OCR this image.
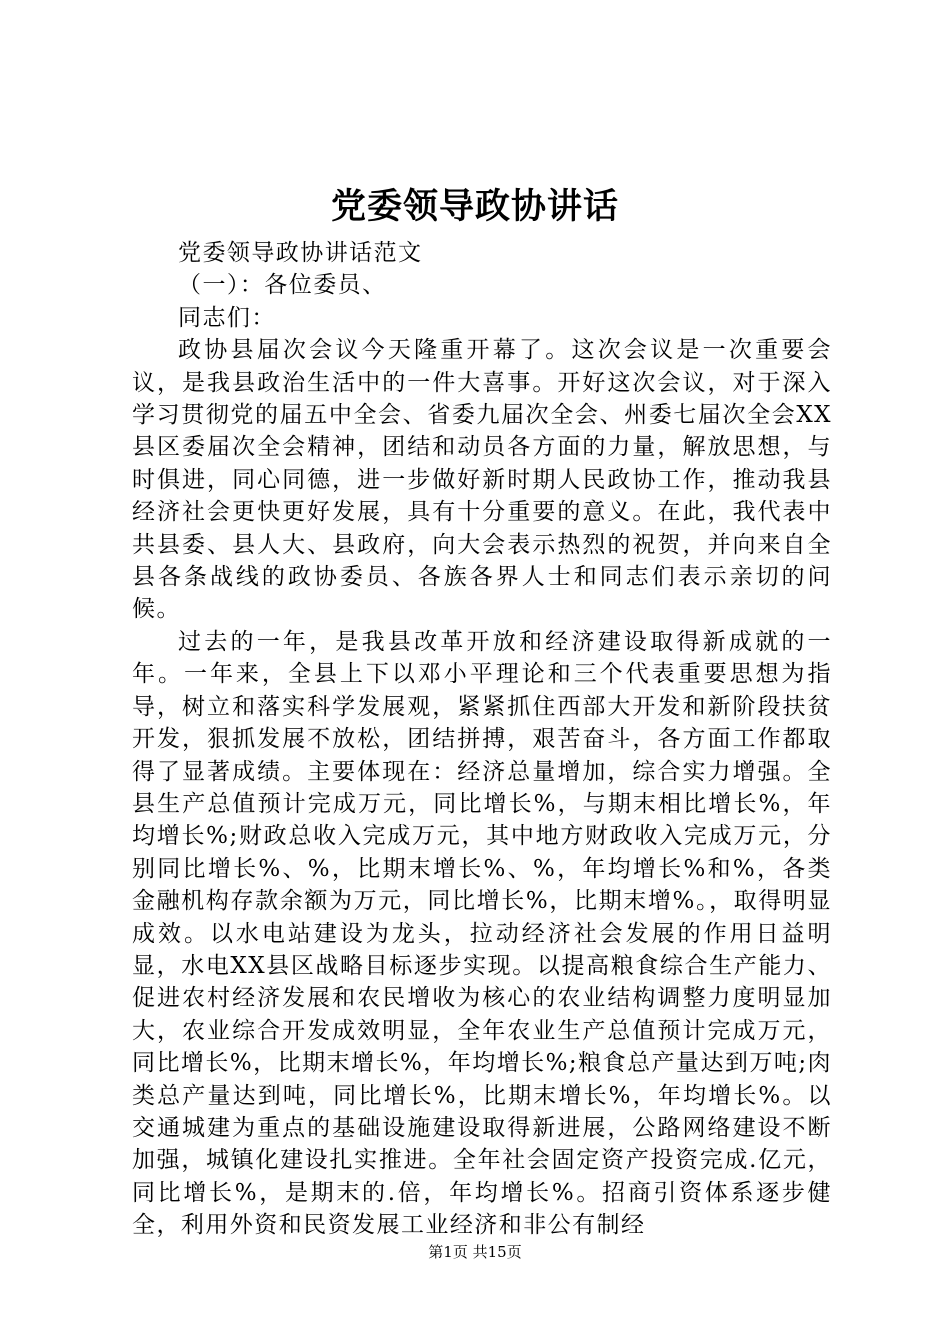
党委领导政协讲话

党委领导政协讲话范文

（一）：各位委员、

同志们：

政协县届次会议今天隆重开幕了。这次会议是一次重要会议，是我县政治生活中的一件大喜事。开好这次会议，对于深入学习贯彻党的届五中全会、省委九届次全会、州委七届次全会XX县区委届次全会精神，团结和动员各方面的力量，解放思想，与时俱进，同心同德，进一步做好新时期人民政协工作，推动我县经济社会更快更好发展，具有十分重要的意义。在此，我代表中共县委、县人大、县政府，向大会表示热烈的祝贺，并向来自全县各条战线的政协委员、各族各界人士和同志们表示亲切的问候。

过去的一年，是我县改革开放和经济建设取得新成就的一年。一年来，全县上下以邓小平理论和三个代表重要思想为指导，树立和落实科学发展观，紧紧抓住西部大开发和新阶段扶贫开发，狠抓发展不放松，团结拼搏，艰苦奋斗，各方面工作都取得了显著成绩。主要体现在：经济总量增加，综合实力增强。全县生产总值预计完成万元，同比增长%，与期末相比增长%，年均增长%;财政总收入完成万元，其中地方财政收入完成万元，分别同比增长%、%，比期末增长%、%，年均增长%和%，各类金融机构存款余额为万元，同比增长%，比期末增%。，取得明显成效。以水电站建设为龙头，拉动经济社会发展的作用日益明显，水电XX县区战略目标逐步实现。以提高粮食综合生产能力、促进农村经济发展和农民增收为核心的农业结构调整力度明显加大，农业综合开发成效明显，全年农业生产总值预计完成万元，同比增长%，比期末增长%，年均增长%;粮食总产量达到万吨;肉类总产量达到吨，同比增长%，比期末增长%，年均增长%。以交通城建为重点的基础设施建设取得新进展，公路网络建设不断加强，城镇化建设扎实推进。全年社会固定资产投资完成.亿元，同比增长%，是期末的.倍，年均增长%。招商引资体系逐步健全，利用外资和民资发展工业经济和非公有制经

第1页 共15页
